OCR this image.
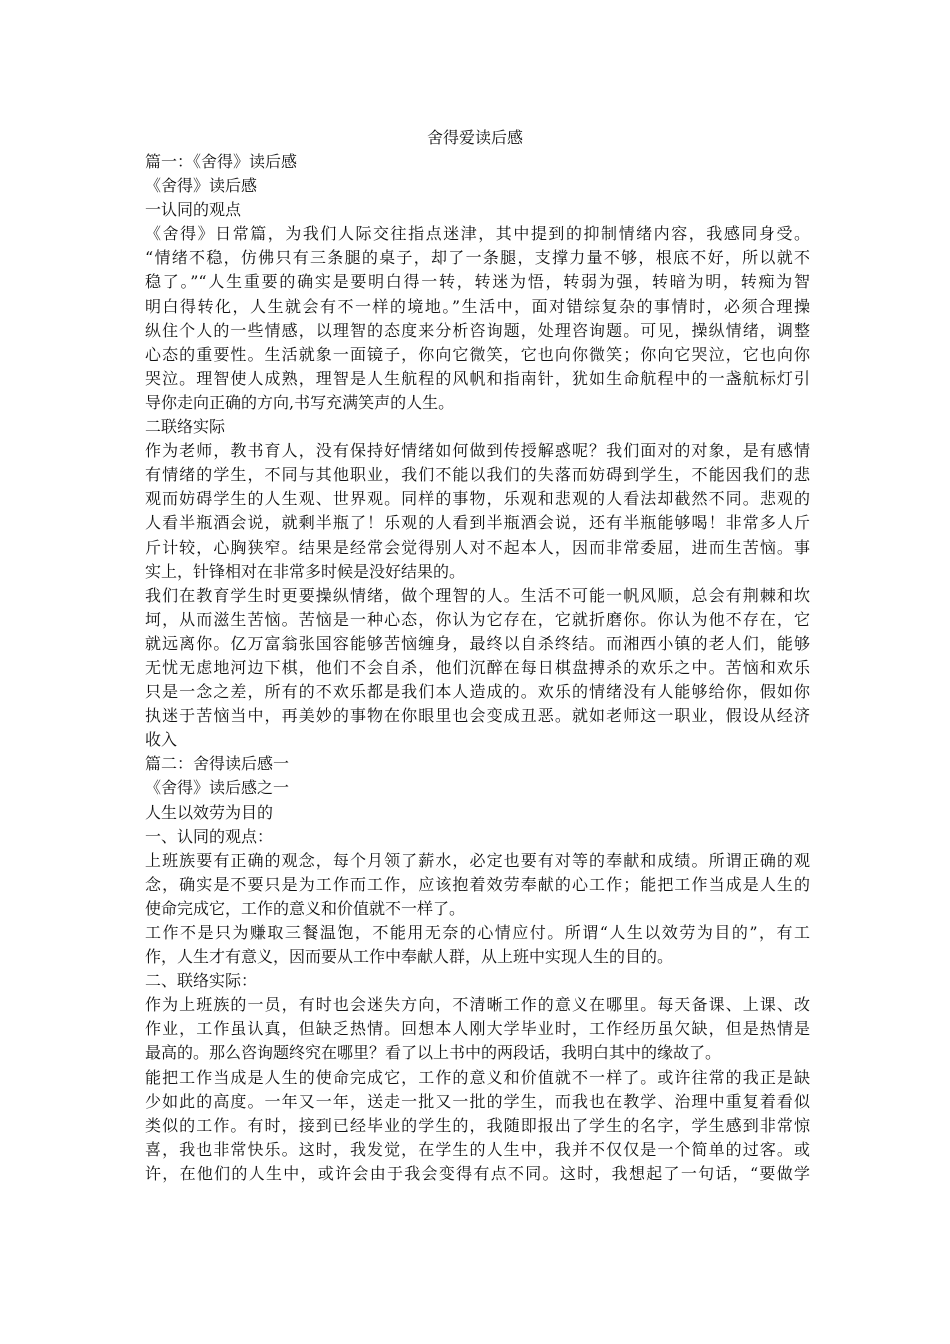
舍得爱读后感
篇一：《舍得》读后感
《舍得》读后感
一认同的观点
《舍得》日常篇，为我们人际交往指点迷津，其中提到的抑制情绪内容，我感同身受。
“情绪不稳，仿佛只有三条腿的桌子，却了一条腿，支撑力量不够，根底不好，所以就不
稳了。”“人生重要的确实是要明白得一转，转迷为悟，转弱为强，转暗为明，转痴为智
明白得转化，人生就会有不一样的境地。”生活中，面对错综复杂的事情时，必须合理操
纵住个人的一些情感，以理智的态度来分析咨询题，处理咨询题。可见，操纵情绪，调整
心态的重要性。生活就象一面镜子，你向它微笑，它也向你微笑；你向它哭泣，它也向你
哭泣。理智使人成熟，理智是人生航程的风帆和指南针，犹如生命航程中的一盏航标灯引
导你走向正确的方向,书写充满笑声的人生。
二联络实际
作为老师，教书育人，没有保持好情绪如何做到传授解惑呢？我们面对的对象，是有感情
有情绪的学生，不同与其他职业，我们不能以我们的失落而妨碍到学生，不能因我们的悲
观而妨碍学生的人生观、世界观。同样的事物，乐观和悲观的人看法却截然不同。悲观的
人看半瓶酒会说，就剩半瓶了！乐观的人看到半瓶酒会说，还有半瓶能够喝！非常多人斤
斤计较，心胸狭窄。结果是经常会觉得别人对不起本人，因而非常委屈，进而生苦恼。事
实上，针锋相对在非常多时候是没好结果的。
我们在教育学生时更要操纵情绪，做个理智的人。生活不可能一帆风顺，总会有荆棘和坎
坷，从而滋生苦恼。苦恼是一种心态，你认为它存在，它就折磨你。你认为他不存在，它
就远离你。亿万富翁张国容能够苦恼缠身，最终以自杀终结。而湘西小镇的老人们，能够
无忧无虑地河边下棋，他们不会自杀，他们沉醉在每日棋盘搏杀的欢乐之中。苦恼和欢乐
只是一念之差，所有的不欢乐都是我们本人造成的。欢乐的情绪没有人能够给你，假如你
执迷于苦恼当中，再美妙的事物在你眼里也会变成丑恶。就如老师这一职业，假设从经济
收入
篇二：舍得读后感一
《舍得》读后感之一
人生以效劳为目的
一、认同的观点：
上班族要有正确的观念，每个月领了薪水，必定也要有对等的奉献和成绩。所谓正确的观
念，确实是不要只是为工作而工作，应该抱着效劳奉献的心工作；能把工作当成是人生的
使命完成它，工作的意义和价值就不一样了。
工作不是只为赚取三餐温饱，不能用无奈的心情应付。所谓“人生以效劳为目的”，有工
作，人生才有意义，因而要从工作中奉献人群，从上班中实现人生的目的。
二、联络实际：
作为上班族的一员，有时也会迷失方向，不清晰工作的意义在哪里。每天备课、上课、改
作业，工作虽认真，但缺乏热情。回想本人刚大学毕业时，工作经历虽欠缺，但是热情是
最高的。那么咨询题终究在哪里？看了以上书中的两段话，我明白其中的缘故了。
能把工作当成是人生的使命完成它，工作的意义和价值就不一样了。或许往常的我正是缺
少如此的高度。一年又一年，送走一批又一批的学生，而我也在教学、治理中重复着看似
类似的工作。有时，接到已经毕业的学生的，我随即报出了学生的名字，学生感到非常惊
喜，我也非常快乐。这时，我发觉，在学生的人生中，我并不仅仅是一个简单的过客。或
许，在他们的人生中，或许会由于我会变得有点不同。这时，我想起了一句话，“要做学
